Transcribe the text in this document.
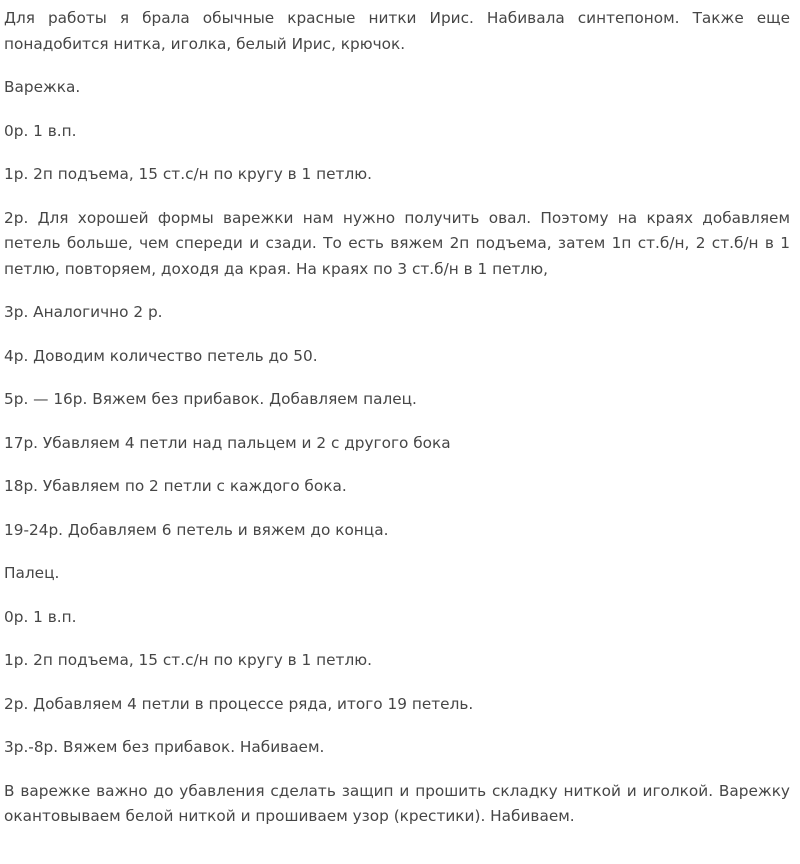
Для работы я брала обычные красные нитки Ирис. Набивала синтепоном. Также еще понадобится нитка, иголка, белый Ирис, крючок.

Варежка.

0р. 1 в.п.

1р. 2п подъема, 15 ст.с/н по кругу в 1 петлю.

2р. Для хорошей формы варежки нам нужно получить овал. Поэтому на краях добавляем петель больше, чем спереди и сзади. То есть вяжем 2п подъема, затем 1п ст.б/н, 2 ст.б/н в 1 петлю, повторяем, доходя да края. На краях по 3 ст.б/н в 1 петлю,

3р. Аналогично 2 р.

4р. Доводим количество петель до 50.

5р. — 16р. Вяжем без прибавок. Добавляем палец.

17р. Убавляем 4 петли над пальцем и 2 с другого бока

18р. Убавляем по 2 петли с каждого бока.

19-24р. Добавляем 6 петель и вяжем до конца.

Палец.

0р. 1 в.п.

1р. 2п подъема, 15 ст.с/н по кругу в 1 петлю.

2р. Добавляем 4 петли в процессе ряда, итого 19 петель.

3р.-8р. Вяжем без прибавок. Набиваем.

В варежке важно до убавления сделать защип и прошить складку ниткой и иголкой. Варежку окантовываем белой ниткой и прошиваем узор (крестики). Набиваем.
